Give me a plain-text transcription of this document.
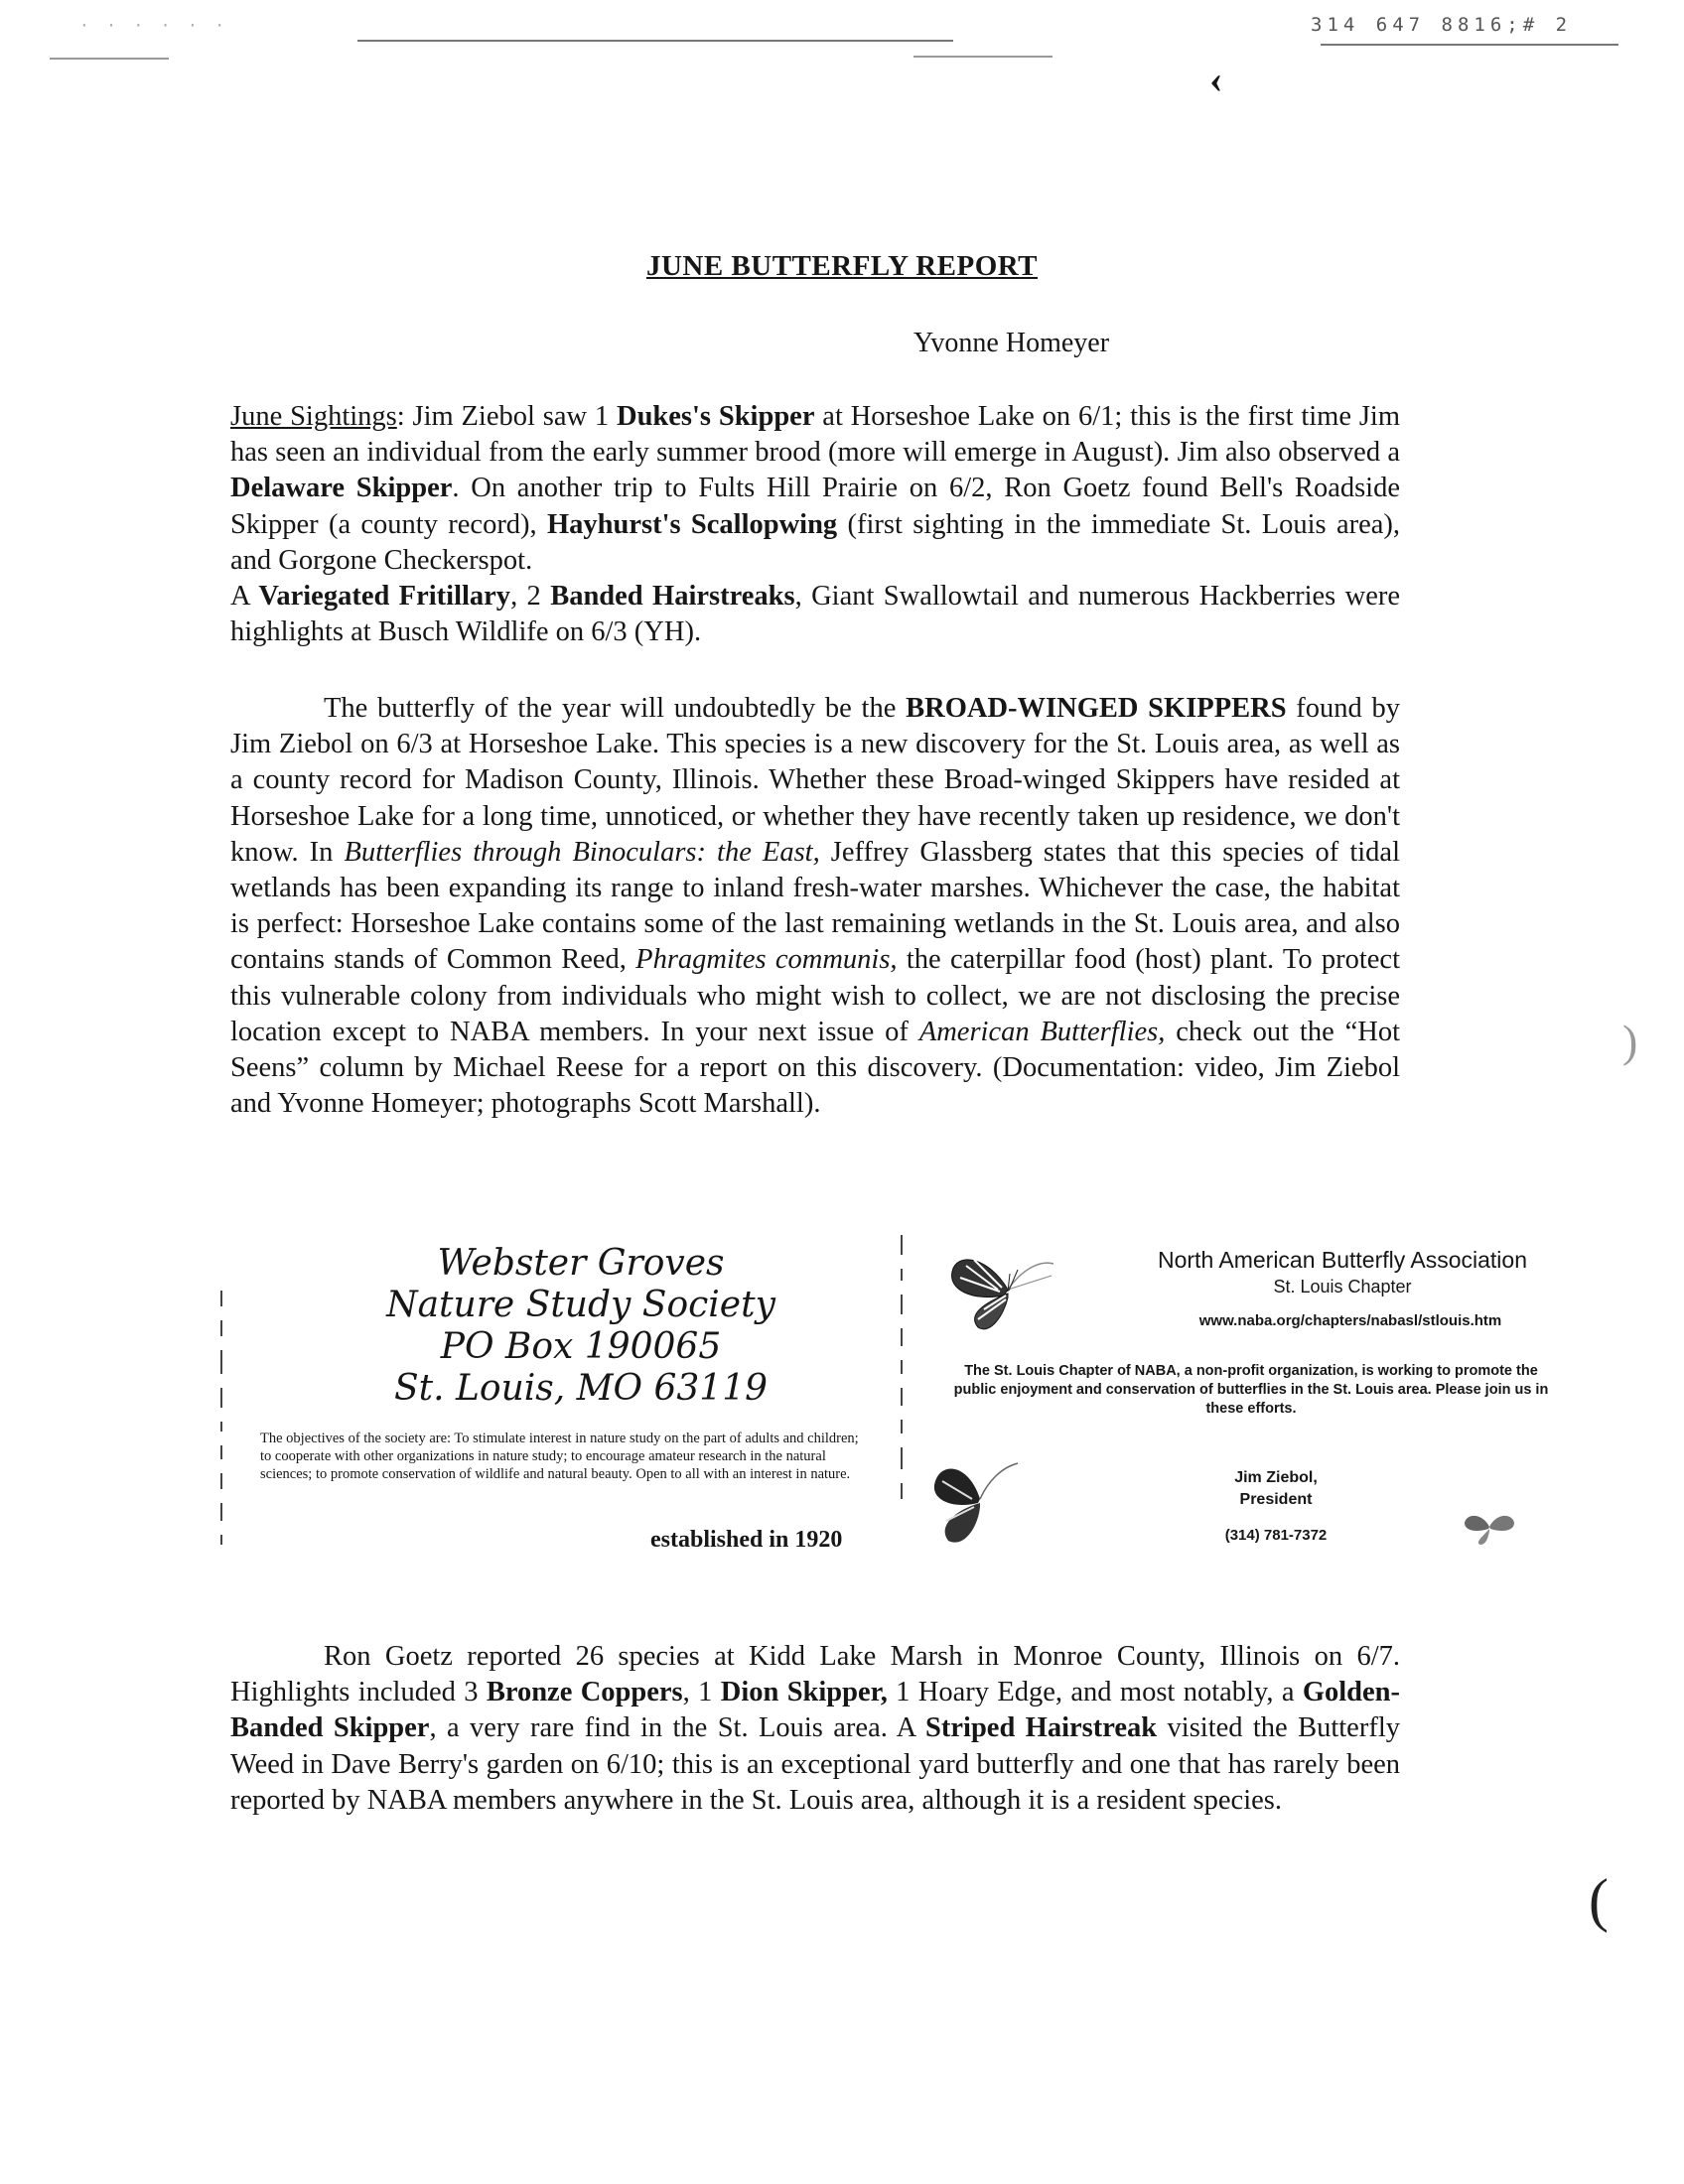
· · · · · ·	314 647 8816;# 2
‹
JUNE BUTTERFLY REPORT
Yvonne Homeyer

June Sightings: Jim Ziebol saw 1 Dukes's Skipper at Horseshoe Lake on 6/1; this is the first time Jim has seen an individual from the early summer brood (more will emerge in August). Jim also observed a Delaware Skipper. On another trip to Fults Hill Prairie on 6/2, Ron Goetz found Bell's Roadside Skipper (a county record), Hayhurst's Scallopwing (first sighting in the immediate St. Louis area), and Gorgone Checkerspot.
A Variegated Fritillary, 2 Banded Hairstreaks, Giant Swallowtail and numerous Hackberries were highlights at Busch Wildlife on 6/3 (YH).

The butterfly of the year will undoubtedly be the BROAD-WINGED SKIPPERS found by Jim Ziebol on 6/3 at Horseshoe Lake. This species is a new discovery for the St. Louis area, as well as a county record for Madison County, Illinois. Whether these Broad-winged Skippers have resided at Horseshoe Lake for a long time, unnoticed, or whether they have recently taken up residence, we don't know. In Butterflies through Binoculars: the East, Jeffrey Glassberg states that this species of tidal wetlands has been expanding its range to inland fresh-water marshes. Whichever the case, the habitat is perfect: Horseshoe Lake contains some of the last remaining wetlands in the St. Louis area, and also contains stands of Common Reed, Phragmites communis, the caterpillar food (host) plant. To protect this vulnerable colony from individuals who might wish to collect, we are not disclosing the precise location except to NABA members. In your next issue of American Butterflies, check out the “Hot Seens” column by Michael Reese for a report on this discovery. (Documentation: video, Jim Ziebol and Yvonne Homeyer; photographs Scott Marshall).

Webster Groves
Nature Study Society
PO Box 190065
St. Louis, MO 63119
The objectives of the society are: To stimulate interest in nature study on the part of adults and children; to cooperate with other organizations in nature study; to encourage amateur research in the natural sciences; to promote conservation of wildlife and natural beauty. Open to all with an interest in nature.
established in 1920
North American Butterfly Association
St. Louis Chapter
www.naba.org/chapters/nabasl/stlouis.htm
The St. Louis Chapter of NABA, a non-profit organization, is working to promote the public enjoyment and conservation of butterflies in the St. Louis area. Please join us in these efforts.
Jim Ziebol,
President
(314) 781-7372

Ron Goetz reported 26 species at Kidd Lake Marsh in Monroe County, Illinois on 6/7. Highlights included 3 Bronze Coppers, 1 Dion Skipper, 1 Hoary Edge, and most notably, a Golden-Banded Skipper, a very rare find in the St. Louis area. A Striped Hairstreak visited the Butterfly Weed in Dave Berry's garden on 6/10; this is an exceptional yard butterfly and one that has rarely been reported by NABA members anywhere in the St. Louis area, although it is a resident species.

(
)
